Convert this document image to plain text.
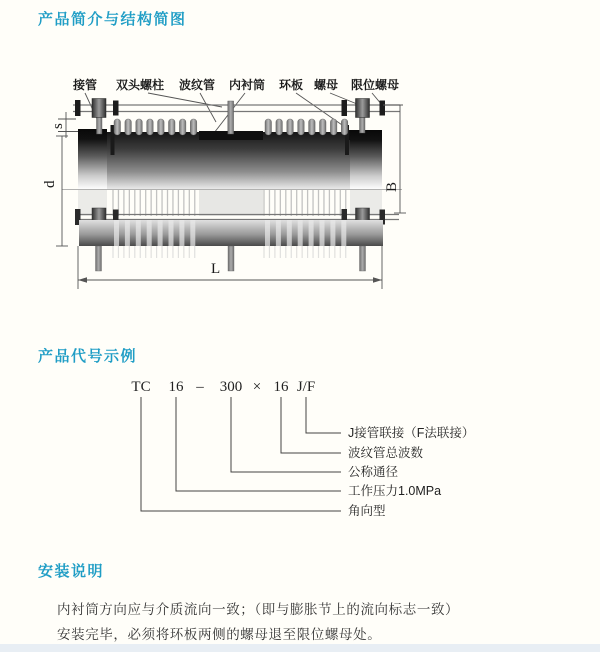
产品简介与结构简图
s
d	B
L
接管 双头螺柱 波纹管 内衬筒 环板 螺母 限位螺母
产品代号示例
TC 16 – 300 × 16 J/F
J接管联接（F法联接）
波纹管总波数
公称通径
工作压力1.0MPa
角向型
安装说明
内衬筒方向应与介质流向一致；（即与膨胀节上的流向标志一致）
安装完毕，必须将环板两侧的螺母退至限位螺母处。
